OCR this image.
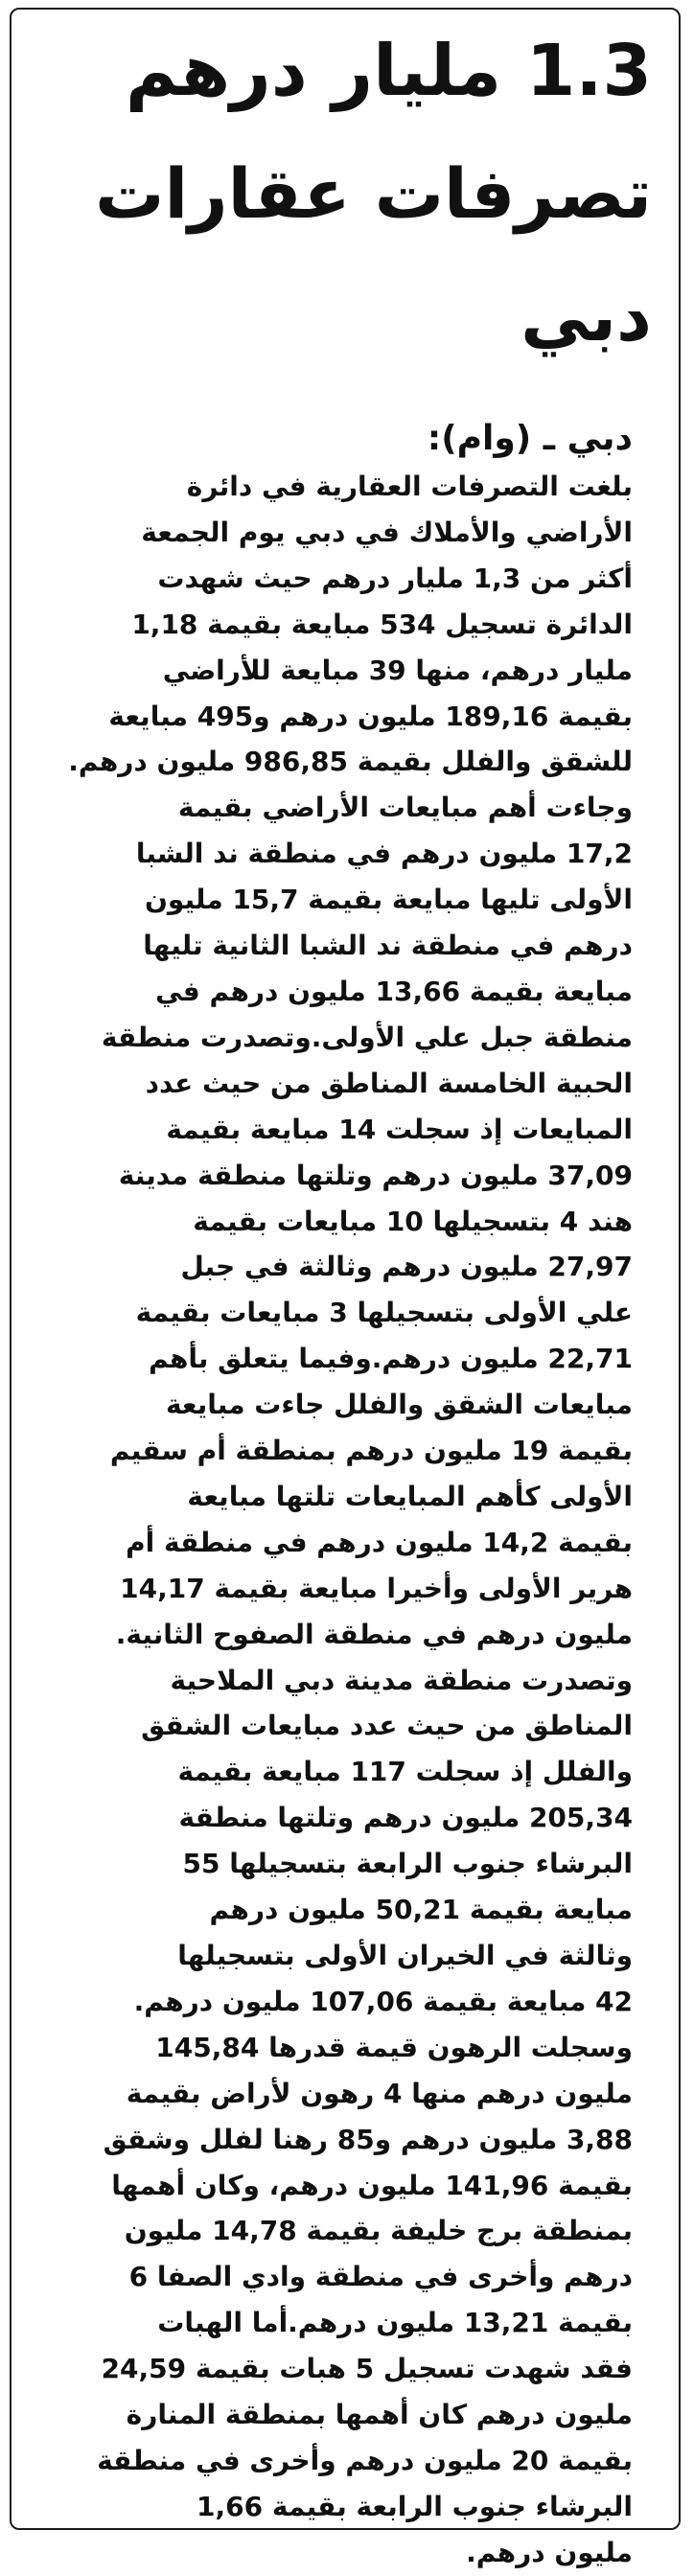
1.3 مليار درهم
تصرفات عقارات
دبي
دبي ـ (وام):
بلغت التصرفات العقارية في دائرة
الأراضي والأملاك في دبي يوم الجمعة
أكثر من 1,3 مليار درهم حيث شهدت
الدائرة تسجيل 534 مبايعة بقيمة 1,18
مليار درهم، منها 39 مبايعة للأراضي
بقيمة 189,16 مليون درهم و495 مبايعة
للشقق والفلل بقيمة 986,85 مليون درهم.
وجاءت أهم مبايعات الأراضي بقيمة
17,2 مليون درهم في منطقة ند الشبا
الأولى تليها مبايعة بقيمة 15,7 مليون
درهم في منطقة ند الشبا الثانية تليها
مبايعة بقيمة 13,66 مليون درهم في
منطقة جبل علي الأولى.وتصدرت منطقة
الحبية الخامسة المناطق من حيث عدد
المبايعات إذ سجلت 14 مبايعة بقيمة
37,09 مليون درهم وتلتها منطقة مدينة
هند 4 بتسجيلها 10 مبايعات بقيمة
27,97 مليون درهم وثالثة في جبل
علي الأولى بتسجيلها 3 مبايعات بقيمة
22,71 مليون درهم.وفيما يتعلق بأهم
مبايعات الشقق والفلل جاءت مبايعة
بقيمة 19 مليون درهم بمنطقة أم سقيم
الأولى كأهم المبايعات تلتها مبايعة
بقيمة 14,2 مليون درهم في منطقة أم
هرير الأولى وأخيرا مبايعة بقيمة 14,17
مليون درهم في منطقة الصفوح الثانية.
وتصدرت منطقة مدينة دبي الملاحية
المناطق من حيث عدد مبايعات الشقق
والفلل إذ سجلت 117 مبايعة بقيمة
205,34 مليون درهم وتلتها منطقة
البرشاء جنوب الرابعة بتسجيلها 55
مبايعة بقيمة 50,21 مليون درهم
وثالثة في الخيران الأولى بتسجيلها
42 مبايعة بقيمة 107,06 مليون درهم.
وسجلت الرهون قيمة قدرها 145,84
مليون درهم منها 4 رهون لأراض بقيمة
3,88 مليون درهم و85 رهنا لفلل وشقق
بقيمة 141,96 مليون درهم، وكان أهمها
بمنطقة برج خليفة بقيمة 14,78 مليون
درهم وأخرى في منطقة وادي الصفا 6
بقيمة 13,21 مليون درهم.أما الهبات
فقد شهدت تسجيل 5 هبات بقيمة 24,59
مليون درهم كان أهمها بمنطقة المنارة
بقيمة 20 مليون درهم وأخرى في منطقة
البرشاء جنوب الرابعة بقيمة 1,66
مليون درهم.
